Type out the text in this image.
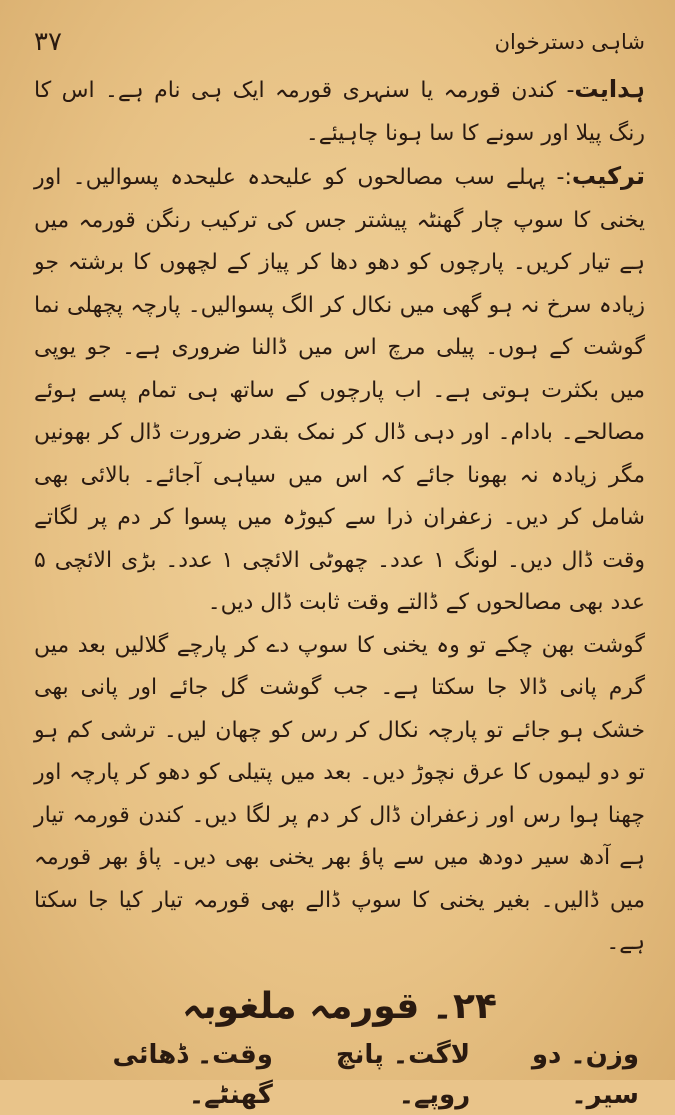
شاہی دسترخوان
۳۷

ہدایت- کندن قورمہ یا سنہری قورمہ ایک ہی نام ہے۔ اس کا رنگ پیلا اور سونے کا سا ہونا چاہیئے۔

ترکیب:- پہلے سب مصالحوں کو علیحدہ علیحدہ پسوالیں۔ اور یخنی کا سوپ چار گھنٹہ پیشتر جس کی ترکیب رنگن قورمہ میں ہے تیار کریں۔ پارچوں کو دھو دھا کر پیاز کے لچھوں کا برشتہ جو زیادہ سرخ نہ ہو گھی میں نکال کر الگ پسوالیں۔ پارچہ پچھلی نما گوشت کے ہوں۔ پیلی مرچ اس میں ڈالنا ضروری ہے۔ جو یوپی میں بکثرت ہوتی ہے۔ اب پارچوں کے ساتھ ہی تمام پسے ہوئے مصالحے۔ بادام۔ اور دہی ڈال کر نمک بقدر ضرورت ڈال کر بھونیں مگر زیادہ نہ بھونا جائے کہ اس میں سیاہی آجائے۔ بالائی بھی شامل کر دیں۔ زعفران ذرا سے کیوڑہ میں پسوا کر دم پر لگاتے وقت ڈال دیں۔ لونگ ۱ عدد۔ چھوٹی الائچی ۱ عدد۔ بڑی الائچی ۵ عدد بھی مصالحوں کے ڈالتے وقت ثابت ڈال دیں۔

گوشت بھن چکے تو وہ یخنی کا سوپ دے کر پارچے گلالیں بعد میں گرم پانی ڈالا جا سکتا ہے۔ جب گوشت گل جائے اور پانی بھی خشک ہو جائے تو پارچہ نکال کر رس کو چھان لیں۔ ترشی کم ہو تو دو لیموں کا عرق نچوڑ دیں۔ بعد میں پتیلی کو دھو کر پارچہ اور چھنا ہوا رس اور زعفران ڈال کر دم پر لگا دیں۔ کندن قورمہ تیار ہے آدھ سیر دودھ میں سے پاؤ بھر یخنی بھی دیں۔ پاؤ بھر قورمہ میں ڈالیں۔ بغیر یخنی کا سوپ ڈالے بھی قورمہ تیار کیا جا سکتا ہے۔

۲۴۔ قورمہ ملغوبہ
وزن۔ دو سیر۔
لاگت۔ پانچ روپے۔
وقت۔ ڈھائی گھنٹے۔
